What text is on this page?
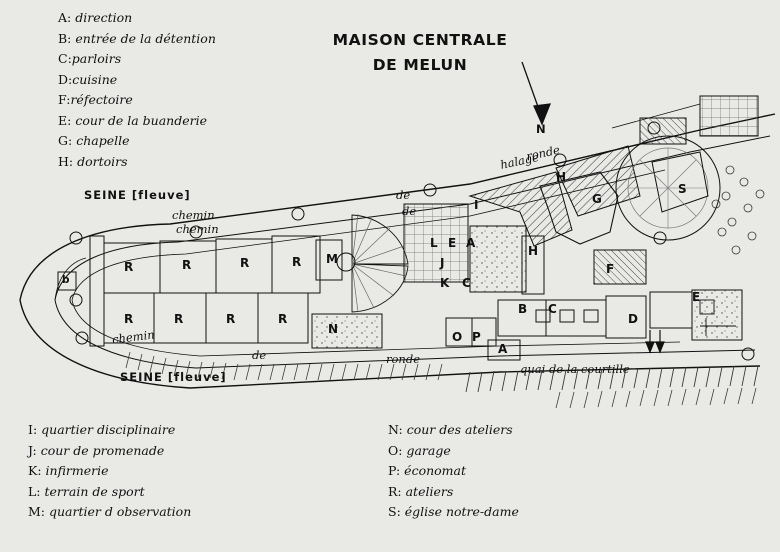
A: direction
B: entrée de la détention
C:parloirs
D:cuisine
F:réfectoire
E: cour de la buanderie
G: chapelle
H: dortoirs
MAISON CENTRALE
DE MELUN
SEINE [fleuve]
SEINE [fleuve]
chemin
chemin
chemin
de
de
de
ronde
ronde
halage
quai de la courtille
N
R	R	R	R
R	R	R	R
M
N
L E A
J
K C
I
H
H
G
F
S
B C
D
E
O P
A
b
I: quartier disciplinaire
J: cour de promenade
K: infirmerie
L: terrain de sport
M: quartier d observation
N: cour des ateliers
O: garage
P: économat
R: ateliers
S: église notre-dame
